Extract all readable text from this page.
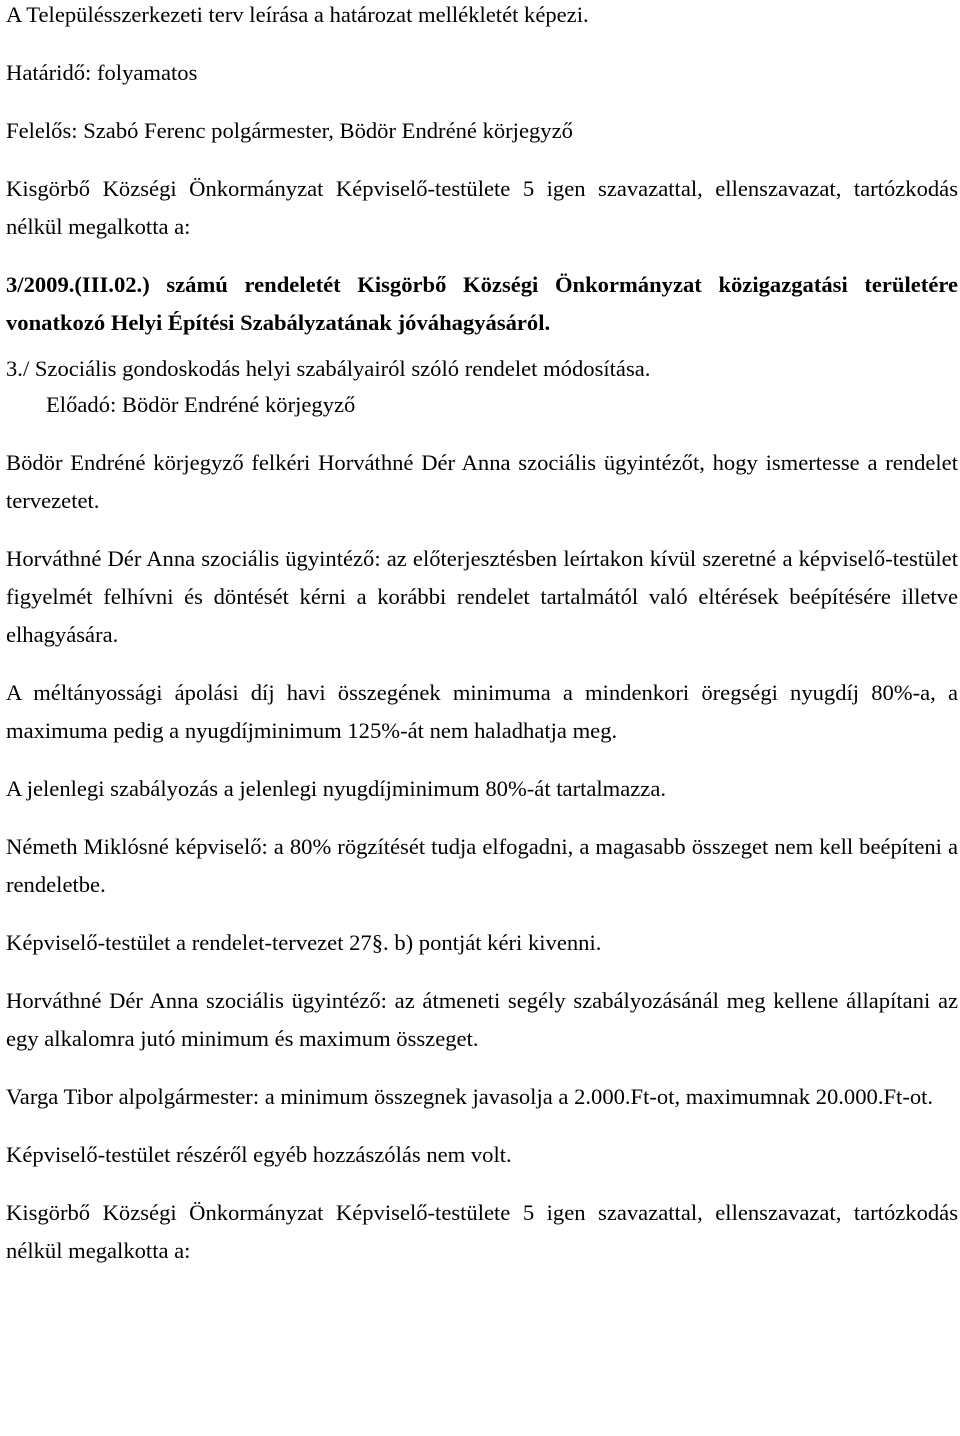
A Településszerkezeti terv leírása a határozat mellékletét képezi.

Határidő: folyamatos

Felelős: Szabó Ferenc polgármester, Bödör Endréné körjegyző

Kisgörbő Községi Önkormányzat Képviselő-testülete 5 igen szavazattal, ellenszavazat, tartózkodás nélkül megalkotta a:

3/2009.(III.02.) számú rendeletét Kisgörbő Községi Önkormányzat közigazgatási területére vonatkozó Helyi Építési Szabályzatának jóváhagyásáról.

3./ Szociális gondoskodás helyi szabályairól szóló rendelet módosítása.

Előadó: Bödör Endréné körjegyző

Bödör Endréné körjegyző felkéri Horváthné Dér Anna szociális ügyintézőt, hogy ismertesse a rendelet tervezetet.

Horváthné Dér Anna szociális ügyintéző: az előterjesztésben leírtakon kívül szeretné a képviselő-testület figyelmét felhívni és döntését kérni a korábbi rendelet tartalmától való eltérések beépítésére illetve elhagyására.

A méltányossági ápolási díj havi összegének minimuma a mindenkori öregségi nyugdíj 80%-a, a maximuma pedig a nyugdíjminimum 125%-át nem haladhatja meg.

A jelenlegi szabályozás a jelenlegi nyugdíjminimum 80%-át tartalmazza.

Németh Miklósné képviselő: a 80% rögzítését tudja elfogadni, a magasabb összeget nem kell beépíteni a rendeletbe.

Képviselő-testület a rendelet-tervezet 27§. b) pontját kéri kivenni.

Horváthné Dér Anna szociális ügyintéző: az átmeneti segély szabályozásánál meg kellene állapítani az egy alkalomra jutó minimum és maximum összeget.

Varga Tibor alpolgármester: a minimum összegnek javasolja a 2.000.Ft-ot, maximumnak 20.000.Ft-ot.

Képviselő-testület részéről egyéb hozzászólás nem volt.

Kisgörbő Községi Önkormányzat Képviselő-testülete 5 igen szavazattal, ellenszavazat, tartózkodás nélkül megalkotta a:
